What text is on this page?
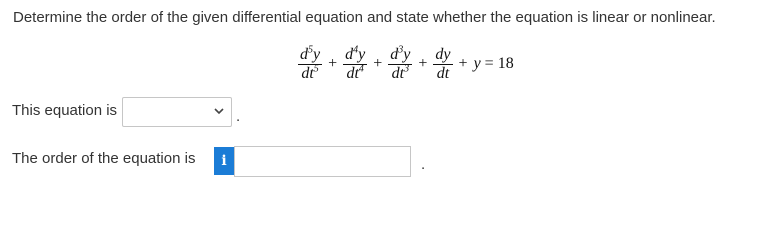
Determine the order of the given differential equation and state whether the equation is linear or nonlinear.
$\frac{d^5y}{dt^5} + \frac{d^4y}{dt^4} + \frac{d^3y}{dt^3} + \frac{dy}{dt} + y = 18$
This equation is	.
The order of the equation is	i	.
